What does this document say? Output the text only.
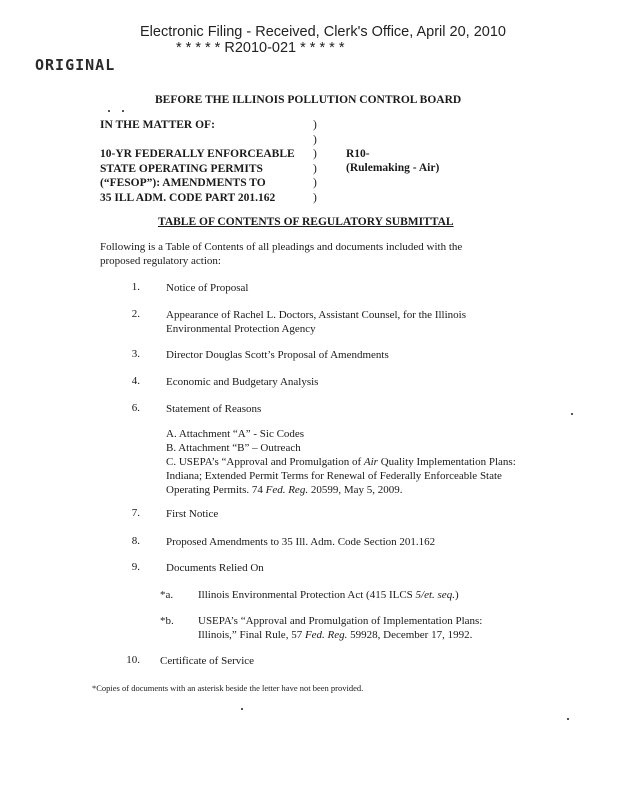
Electronic Filing - Received, Clerk's Office, April 20, 2010
* * * * * R2010-021 * * * * *
ORIGINAL
BEFORE THE ILLINOIS POLLUTION CONTROL BOARD
IN THE MATTER OF:	)
)
)
)
)
)
10-YR FEDERALLY ENFORCEABLE
STATE OPERATING PERMITS
(“FESOP”): AMENDMENTS TO
35 ILL ADM. CODE PART 201.162
R10-
(Rulemaking - Air)
TABLE OF CONTENTS OF REGULATORY SUBMITTAL
Following is a Table of Contents of all pleadings and documents included with the proposed regulatory action:
1. Notice of Proposal
2. Appearance of Rachel L. Doctors, Assistant Counsel, for the Illinois Environmental Protection Agency
3. Director Douglas Scott’s Proposal of Amendments
4. Economic and Budgetary Analysis
6. Statement of Reasons
A. Attachment “A” - Sic Codes
B. Attachment “B” – Outreach
C. USEPA’s “Approval and Promulgation of Air Quality Implementation Plans: Indiana; Extended Permit Terms for Renewal of Federally Enforceable State Operating Permits. 74 Fed. Reg. 20599, May 5, 2009.
7. First Notice
8. Proposed Amendments to 35 Ill. Adm. Code Section 201.162
9. Documents Relied On
*a. Illinois Environmental Protection Act (415 ILCS 5/et. seq.)
*b. USEPA’s “Approval and Promulgation of Implementation Plans: Illinois,” Final Rule, 57 Fed. Reg. 59928, December 17, 1992.
10. Certificate of Service
*Copies of documents with an asterisk beside the letter have not been provided.
